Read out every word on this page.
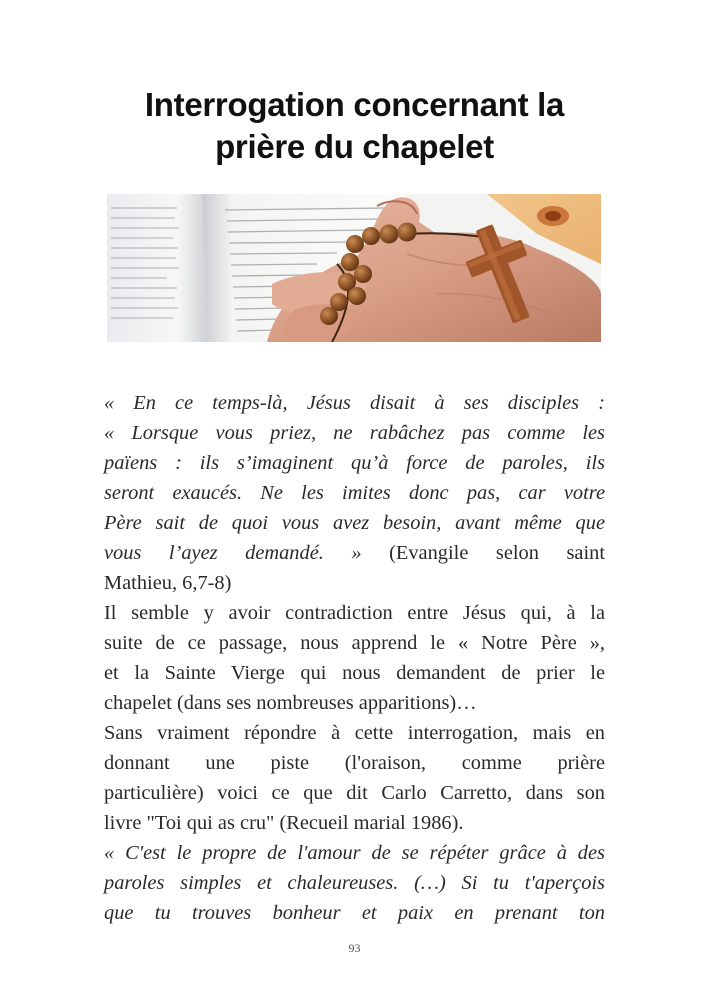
Interrogation concernant la
prière du chapelet

« En ce temps-là, Jésus disait à ses disciples :

« Lorsque vous priez, ne rabâchez pas comme les

païens : ils s’imaginent qu’à force de paroles, ils

seront exaucés. Ne les imites donc pas, car votre

Père sait de quoi vous avez besoin, avant même que

vous l’ayez demandé. » (Evangile selon saint

Mathieu, 6,7-8)

Il semble y avoir contradiction entre Jésus qui, à la

suite de ce passage, nous apprend le « Notre Père »,

et la Sainte Vierge qui nous demandent de prier le

chapelet (dans ses nombreuses apparitions)…

Sans vraiment répondre à cette interrogation, mais en

donnant une piste (l'oraison, comme prière

particulière) voici ce que dit Carlo Carretto, dans son

livre "Toi qui as cru" (Recueil marial 1986).

« C'est le propre de l'amour de se répéter grâce à des

paroles simples et chaleureuses. (…) Si tu t'aperçois

que tu trouves bonheur et paix en prenant ton

93
